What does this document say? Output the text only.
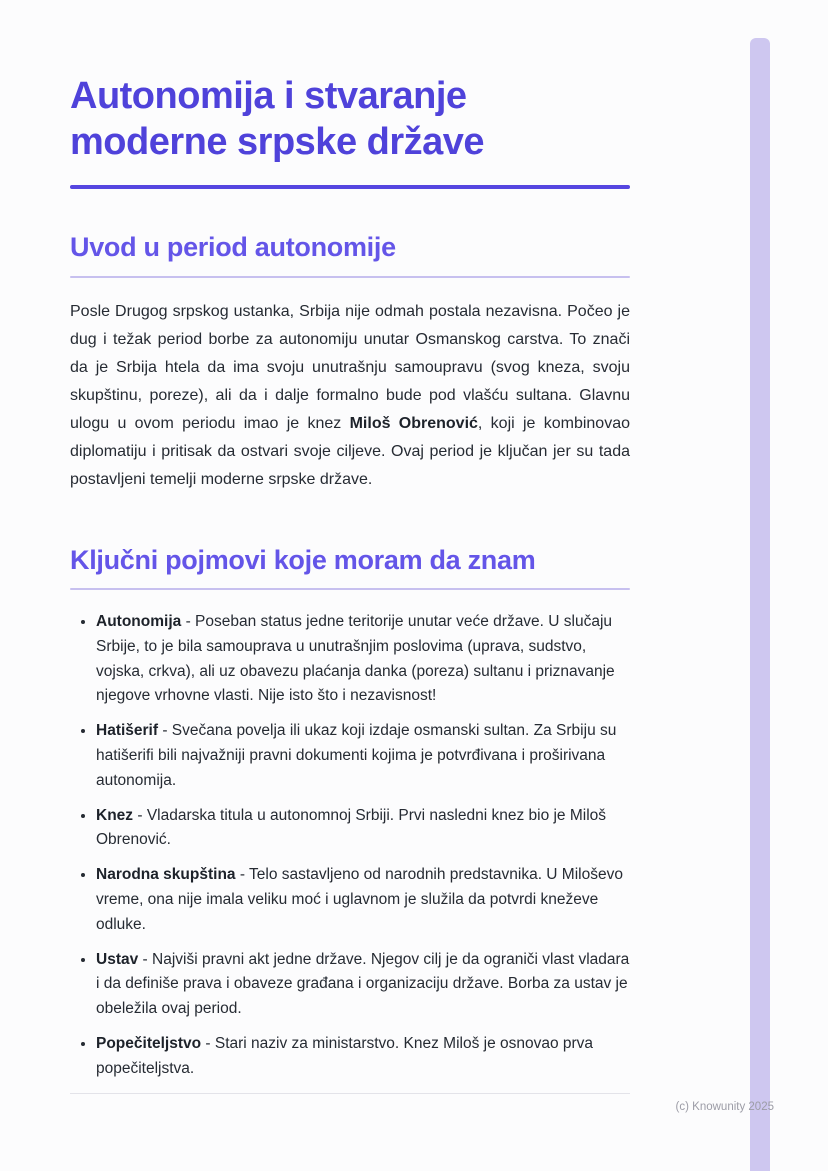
Autonomija i stvaranje moderne srpske države
Uvod u period autonomije

Posle Drugog srpskog ustanka, Srbija nije odmah postala nezavisna. Počeo je dug i težak period borbe za autonomiju unutar Osmanskog carstva. To znači da je Srbija htela da ima svoju unutrašnju samoupravu (svog kneza, svoju skupštinu, poreze), ali da i dalje formalno bude pod vlašću sultana. Glavnu ulogu u ovom periodu imao je knez Miloš Obrenović, koji je kombinovao diplomatiju i pritisak da ostvari svoje ciljeve. Ovaj period je ključan jer su tada postavljeni temelji moderne srpske države.

Ključni pojmovi koje moram da znam
• Autonomija - Poseban status jedne teritorije unutar veće države. U slučaju Srbije, to je bila samouprava u unutrašnjim poslovima (uprava, sudstvo, vojska, crkva), ali uz obavezu plaćanja danka (poreza) sultanu i priznavanje njegove vrhovne vlasti. Nije isto što i nezavisnost!
• Hatišerif - Svečana povelja ili ukaz koji izdaje osmanski sultan. Za Srbiju su hatišerifi bili najvažniji pravni dokumenti kojima je potvrđivana i proširivana autonomija.
• Knez - Vladarska titula u autonomnoj Srbiji. Prvi nasledni knez bio je Miloš Obrenović.
• Narodna skupština - Telo sastavljeno od narodnih predstavnika. U Miloševo vreme, ona nije imala veliku moć i uglavnom je služila da potvrdi kneževe odluke.
• Ustav - Najviši pravni akt jedne države. Njegov cilj je da ograniči vlast vladara i da definiše prava i obaveze građana i organizaciju države. Borba za ustav je obeležila ovaj period.
• Popečiteljstvo - Stari naziv za ministarstvo. Knez Miloš je osnovao prva popečiteljstva.
(c) Knowunity 2025
